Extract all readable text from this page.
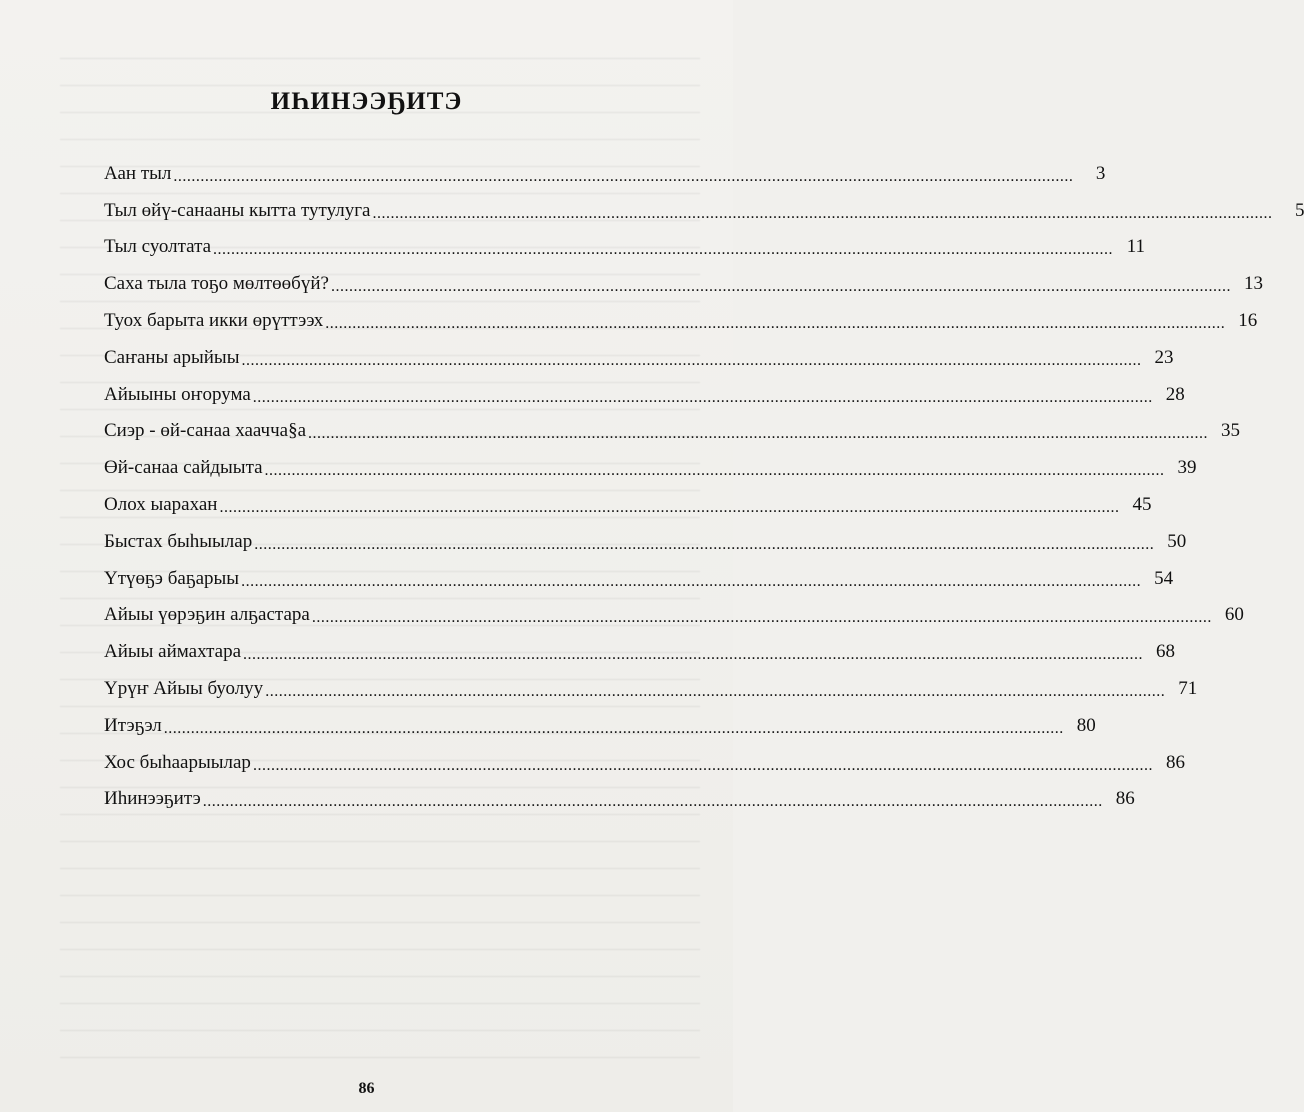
ИҺИНЭЭҔИТЭ
Аан тыл ........................................................................................................................................................................................................	3
Тыл өйү-санааны кытта тутулуга ........................................................................................................................................................................................................	5
Тыл суолтата ........................................................................................................................................................................................................ 11
Саха тыла тоҕо мөлтөөбүй? ........................................................................................................................................................................................................ 13
Туох барыта икки өрүттээх ........................................................................................................................................................................................................ 16
Саҥаны арыйыы ........................................................................................................................................................................................................ 23
Айыыны оҥорума ........................................................................................................................................................................................................ 28
Сиэр - өй-санаа хаачча§а ........................................................................................................................................................................................................ 35
Өй-санаа сайдыыта ........................................................................................................................................................................................................ 39
Олох ыарахан ........................................................................................................................................................................................................ 45
Быстах быһыылар ........................................................................................................................................................................................................ 50
Үтүөҕэ баҕарыы ........................................................................................................................................................................................................ 54
Айыы үөрэҕин алҕастара ........................................................................................................................................................................................................ 60
Айыы аймахтара ........................................................................................................................................................................................................ 68
Үрүҥ Айыы буолуу ........................................................................................................................................................................................................ 71
Итэҕэл ........................................................................................................................................................................................................ 80
Хос быһаарыылар ........................................................................................................................................................................................................ 86
Иһинээҕитэ ........................................................................................................................................................................................................ 86
86
